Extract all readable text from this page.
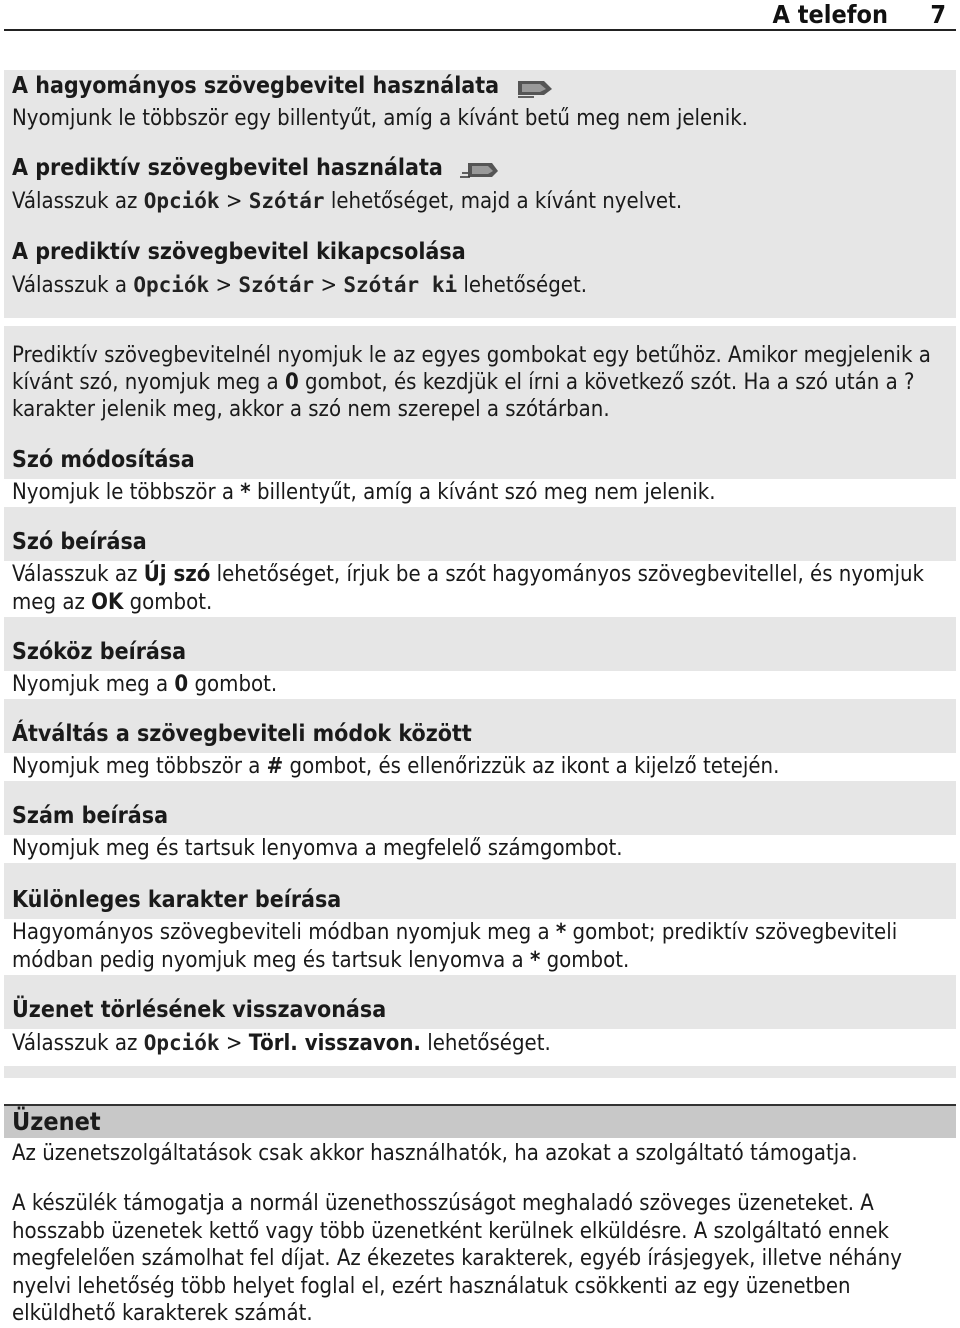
A telefon 7
A hagyományos szövegbevitel használata
Nyomjunk le többször egy billentyűt, amíg a kívánt betű meg nem jelenik.
A prediktív szövegbevitel használata
Válasszuk az Opciók > Szótár lehetőséget, majd a kívánt nyelvet.
A prediktív szövegbevitel kikapcsolása
Válasszuk a Opciók > Szótár > Szótár ki lehetőséget.
Prediktív szövegbevitelnél nyomjuk le az egyes gombokat egy betűhöz. Amikor megjelenik a kívánt szó, nyomjuk meg a 0 gombot, és kezdjük el írni a következő szót. Ha a szó után a ? karakter jelenik meg, akkor a szó nem szerepel a szótárban.
Szó módosítása
Nyomjuk le többször a * billentyűt, amíg a kívánt szó meg nem jelenik.
Szó beírása
Válasszuk az Új szó lehetőséget, írjuk be a szót hagyományos szövegbevitellel, és nyomjuk meg az OK gombot.
Szóköz beírása
Nyomjuk meg a 0 gombot.
Átváltás a szövegbeviteli módok között
Nyomjuk meg többször a # gombot, és ellenőrizzük az ikont a kijelző tetején.
Szám beírása
Nyomjuk meg és tartsuk lenyomva a megfelelő számgombot.
Különleges karakter beírása
Hagyományos szövegbeviteli módban nyomjuk meg a * gombot; prediktív szövegbeviteli módban pedig nyomjuk meg és tartsuk lenyomva a * gombot.
Üzenet törlésének visszavonása
Válasszuk az Opciók > Törl. visszavon. lehetőséget.
Üzenet

Az üzenetszolgáltatások csak akkor használhatók, ha azokat a szolgáltató támogatja.

A készülék támogatja a normál üzenethosszúságot meghaladó szöveges üzeneteket. A hosszabb üzenetek kettő vagy több üzenetként kerülnek elküldésre. A szolgáltató ennek megfelelően számolhat fel díjat. Az ékezetes karakterek, egyéb írásjegyek, illetve néhány nyelvi lehetőség több helyet foglal el, ezért használatuk csökkenti az egy üzenetben elküldhető karakterek számát.
